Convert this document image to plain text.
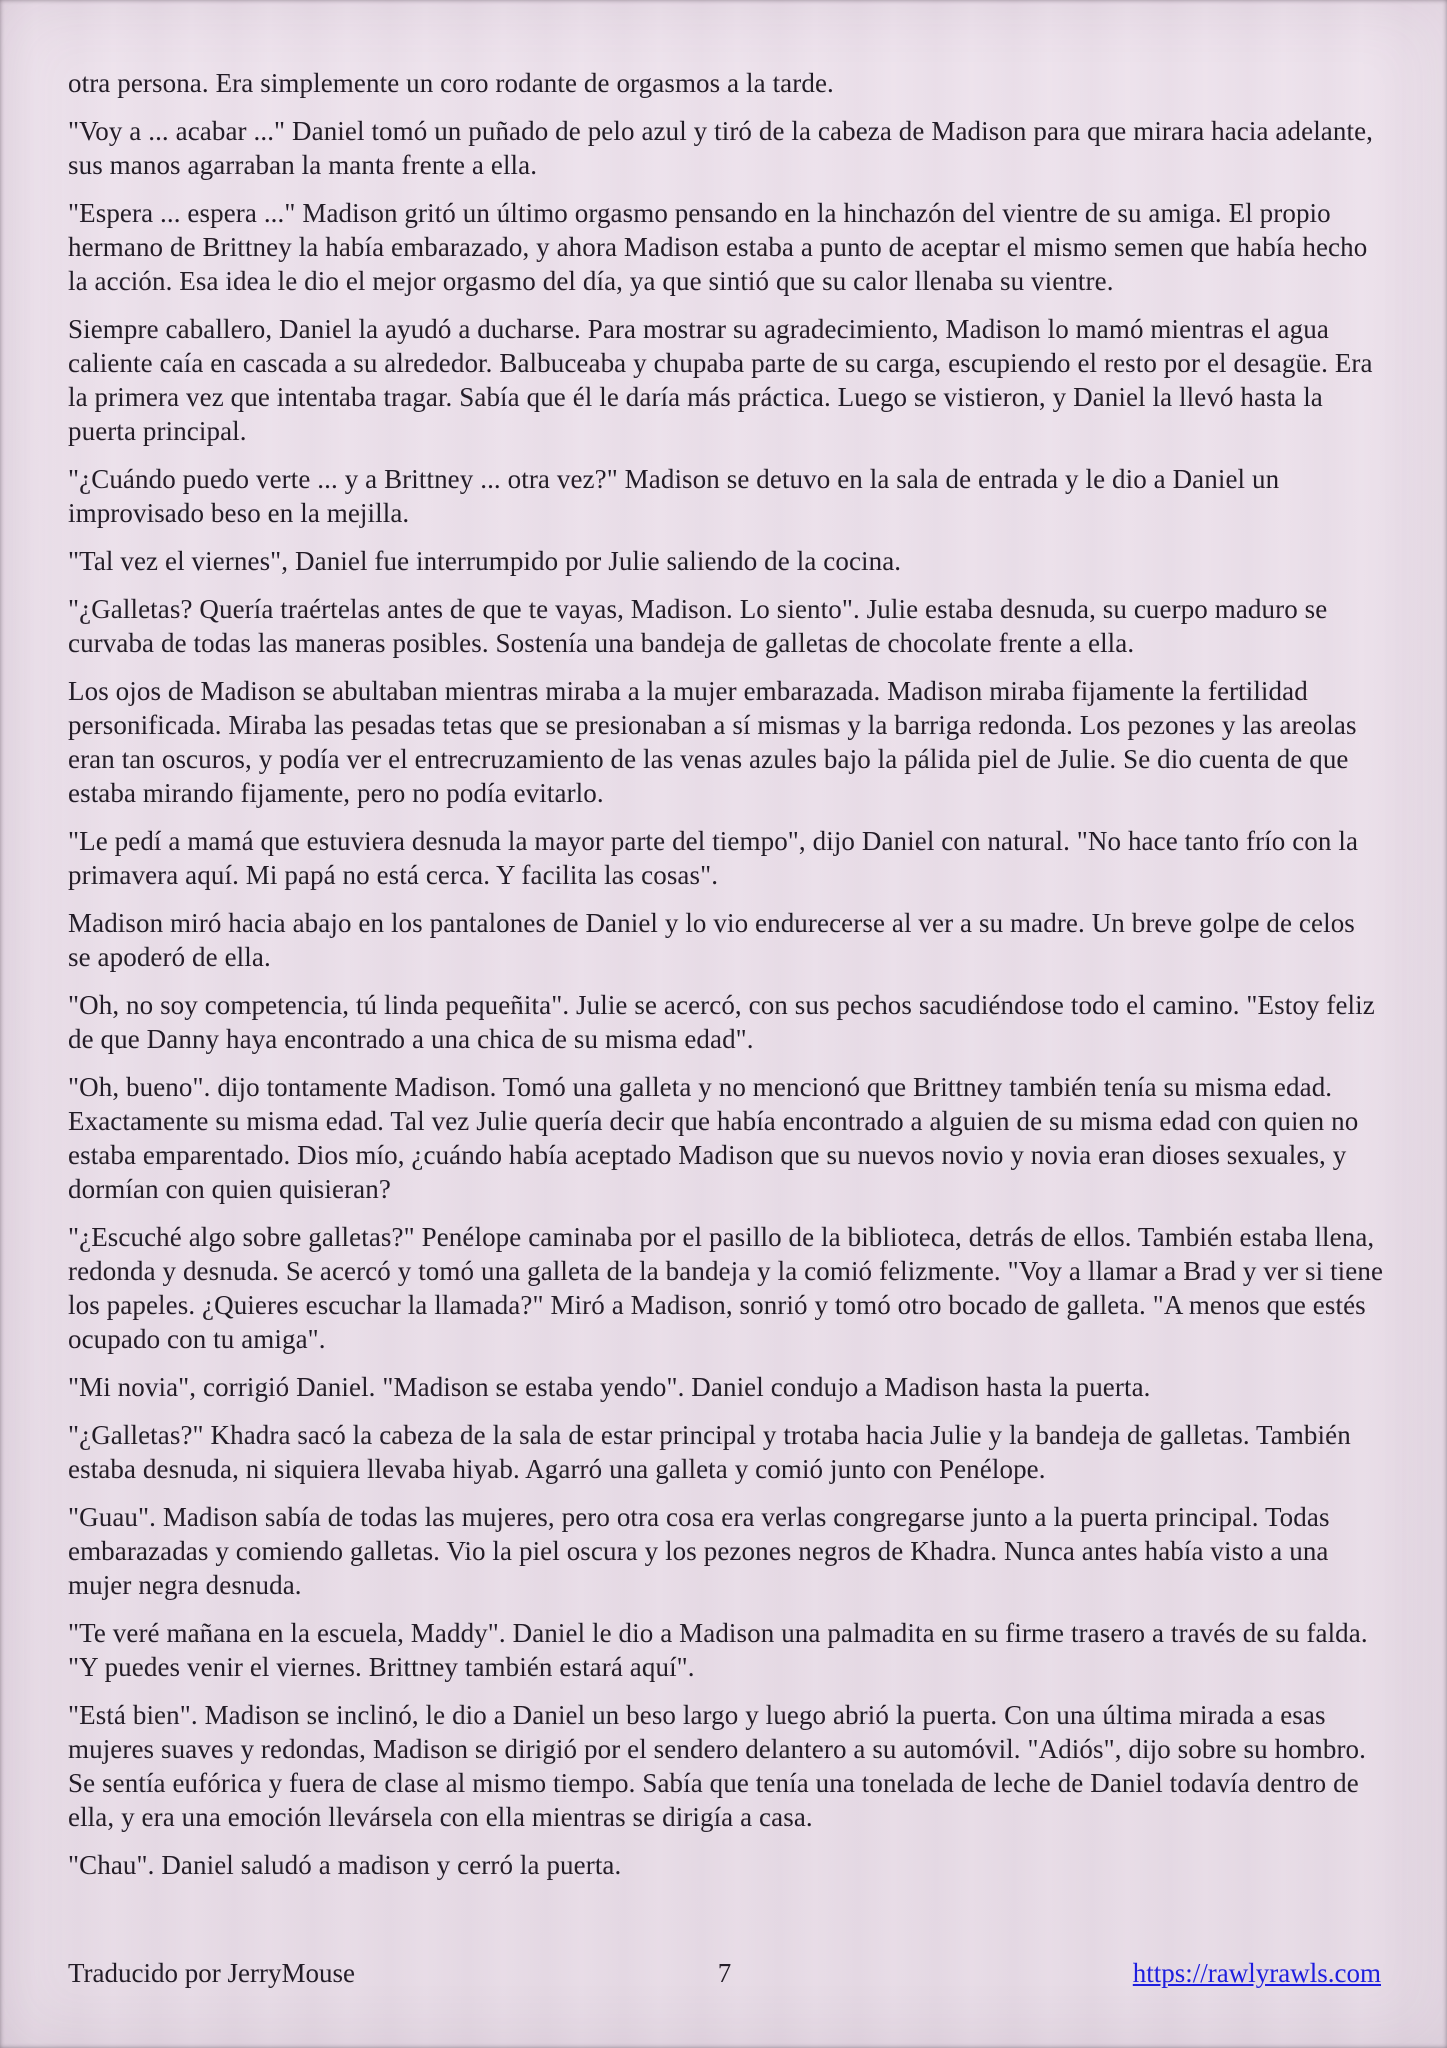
otra persona. Era simplemente un coro rodante de orgasmos a la tarde.

"Voy a ... acabar ..." Daniel tomó un puñado de pelo azul y tiró de la cabeza de Madison para que mirara hacia adelante, sus manos agarraban la manta frente a ella.

"Espera ... espera ..." Madison gritó un último orgasmo pensando en la hinchazón del vientre de su amiga. El propio hermano de Brittney la había embarazado, y ahora Madison estaba a punto de aceptar el mismo semen que había hecho la acción. Esa idea le dio el mejor orgasmo del día, ya que sintió que su calor llenaba su vientre.

Siempre caballero, Daniel la ayudó a ducharse. Para mostrar su agradecimiento, Madison lo mamó mientras el agua caliente caía en cascada a su alrededor. Balbuceaba y chupaba parte de su carga, escupiendo el resto por el desagüe. Era la primera vez que intentaba tragar. Sabía que él le daría más práctica. Luego se vistieron, y Daniel la llevó hasta la puerta principal.

"¿Cuándo puedo verte ... y a Brittney ... otra vez?" Madison se detuvo en la sala de entrada y le dio a Daniel un improvisado beso en la mejilla.

"Tal vez el viernes", Daniel fue interrumpido por Julie saliendo de la cocina.

"¿Galletas? Quería traértelas antes de que te vayas, Madison. Lo siento". Julie estaba desnuda, su cuerpo maduro se curvaba de todas las maneras posibles. Sostenía una bandeja de galletas de chocolate frente a ella.

Los ojos de Madison se abultaban mientras miraba a la mujer embarazada. Madison miraba fijamente la fertilidad personificada. Miraba las pesadas tetas que se presionaban a sí mismas y la barriga redonda. Los pezones y las areolas eran tan oscuros, y podía ver el entrecruzamiento de las venas azules bajo la pálida piel de Julie. Se dio cuenta de que estaba mirando fijamente, pero no podía evitarlo.

"Le pedí a mamá que estuviera desnuda la mayor parte del tiempo", dijo Daniel con natural. "No hace tanto frío con la primavera aquí. Mi papá no está cerca. Y facilita las cosas".

Madison miró hacia abajo en los pantalones de Daniel y lo vio endurecerse al ver a su madre. Un breve golpe de celos se apoderó de ella.

"Oh, no soy competencia, tú linda pequeñita". Julie se acercó, con sus pechos sacudiéndose todo el camino. "Estoy feliz de que Danny haya encontrado a una chica de su misma edad".

"Oh, bueno". dijo tontamente Madison. Tomó una galleta y no mencionó que Brittney también tenía su misma edad. Exactamente su misma edad. Tal vez Julie quería decir que había encontrado a alguien de su misma edad con quien no estaba emparentado. Dios mío, ¿cuándo había aceptado Madison que su nuevos novio y novia eran dioses sexuales, y dormían con quien quisieran?

"¿Escuché algo sobre galletas?" Penélope caminaba por el pasillo de la biblioteca, detrás de ellos. También estaba llena, redonda y desnuda. Se acercó y tomó una galleta de la bandeja y la comió felizmente. "Voy a llamar a Brad y ver si tiene los papeles. ¿Quieres escuchar la llamada?" Miró a Madison, sonrió y tomó otro bocado de galleta. "A menos que estés ocupado con tu amiga".

"Mi novia", corrigió Daniel. "Madison se estaba yendo". Daniel condujo a Madison hasta la puerta.

"¿Galletas?" Khadra sacó la cabeza de la sala de estar principal y trotaba hacia Julie y la bandeja de galletas. También estaba desnuda, ni siquiera llevaba hiyab. Agarró una galleta y comió junto con Penélope.

"Guau". Madison sabía de todas las mujeres, pero otra cosa era verlas congregarse junto a la puerta principal. Todas embarazadas y comiendo galletas. Vio la piel oscura y los pezones negros de Khadra. Nunca antes había visto a una mujer negra desnuda.

"Te veré mañana en la escuela, Maddy". Daniel le dio a Madison una palmadita en su firme trasero a través de su falda. "Y puedes venir el viernes. Brittney también estará aquí".

"Está bien". Madison se inclinó, le dio a Daniel un beso largo y luego abrió la puerta. Con una última mirada a esas mujeres suaves y redondas, Madison se dirigió por el sendero delantero a su automóvil. "Adiós", dijo sobre su hombro. Se sentía eufórica y fuera de clase al mismo tiempo. Sabía que tenía una tonelada de leche de Daniel todavía dentro de ella, y era una emoción llevársela con ella mientras se dirigía a casa.

"Chau". Daniel saludó a madison y cerró la puerta.

Traducido por JerryMouse	7	https://rawlyrawls.com
